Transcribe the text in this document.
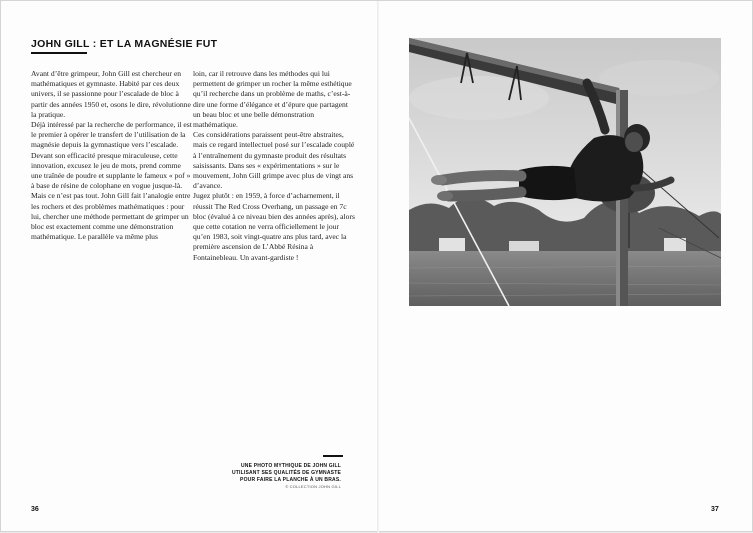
JOHN GILL : ET LA MAGNÉSIE FUT

Avant d’être grimpeur, John Gill est chercheur en mathématiques et gymnaste. Habité par ces deux univers, il se passionne pour l’escalade de bloc à partir des années 1950 et, osons le dire, révolutionne la pratique.

Déjà intéressé par la recherche de performance, il est le premier à opérer le transfert de l’utilisation de la magnésie depuis la gymnastique vers l’escalade. Devant son efficacité presque miraculeuse, cette innovation, excusez le jeu de mots, prend comme une traînée de poudre et supplante le fameux « pof » à base de résine de colophane en vogue jusque-là. Mais ce n’est pas tout. John Gill fait l’analogie entre les rochers et des problèmes mathématiques : pour lui, chercher une méthode permettant de grimper un bloc est exactement comme une démonstration mathématique. Le parallèle va même plus

loin, car il retrouve dans les méthodes qui lui permettent de grimper un rocher la même esthétique qu’il recherche dans un problème de maths, c’est-à-dire une forme d’élégance et d’épure que partagent un beau bloc et une belle démonstration mathématique.

Ces considérations paraissent peut-être abstraites, mais ce regard intellectuel posé sur l’escalade couplé à l’entraînement du gymnaste produit des résultats saisissants. Dans ses « expérimentations » sur le mouvement, John Gill grimpe avec plus de vingt ans d’avance.

Jugez plutôt : en 1959, à force d’acharnement, il réussit The Red Cross Overhang, un passage en 7c bloc (évalué à ce niveau bien des années après), alors que cette cotation ne verra officiellement le jour qu’en 1983, soit vingt-quatre ans plus tard, avec la première ascension de L’Abbé Résina à Fontainebleau. Un avant-gardiste !

UNE PHOTO MYTHIQUE DE JOHN GILL
UTILISANT SES QUALITÉS DE GYMNASTE
POUR FAIRE LA PLANCHE À UN BRAS.
© COLLECTION JOHN GILL
36	37
